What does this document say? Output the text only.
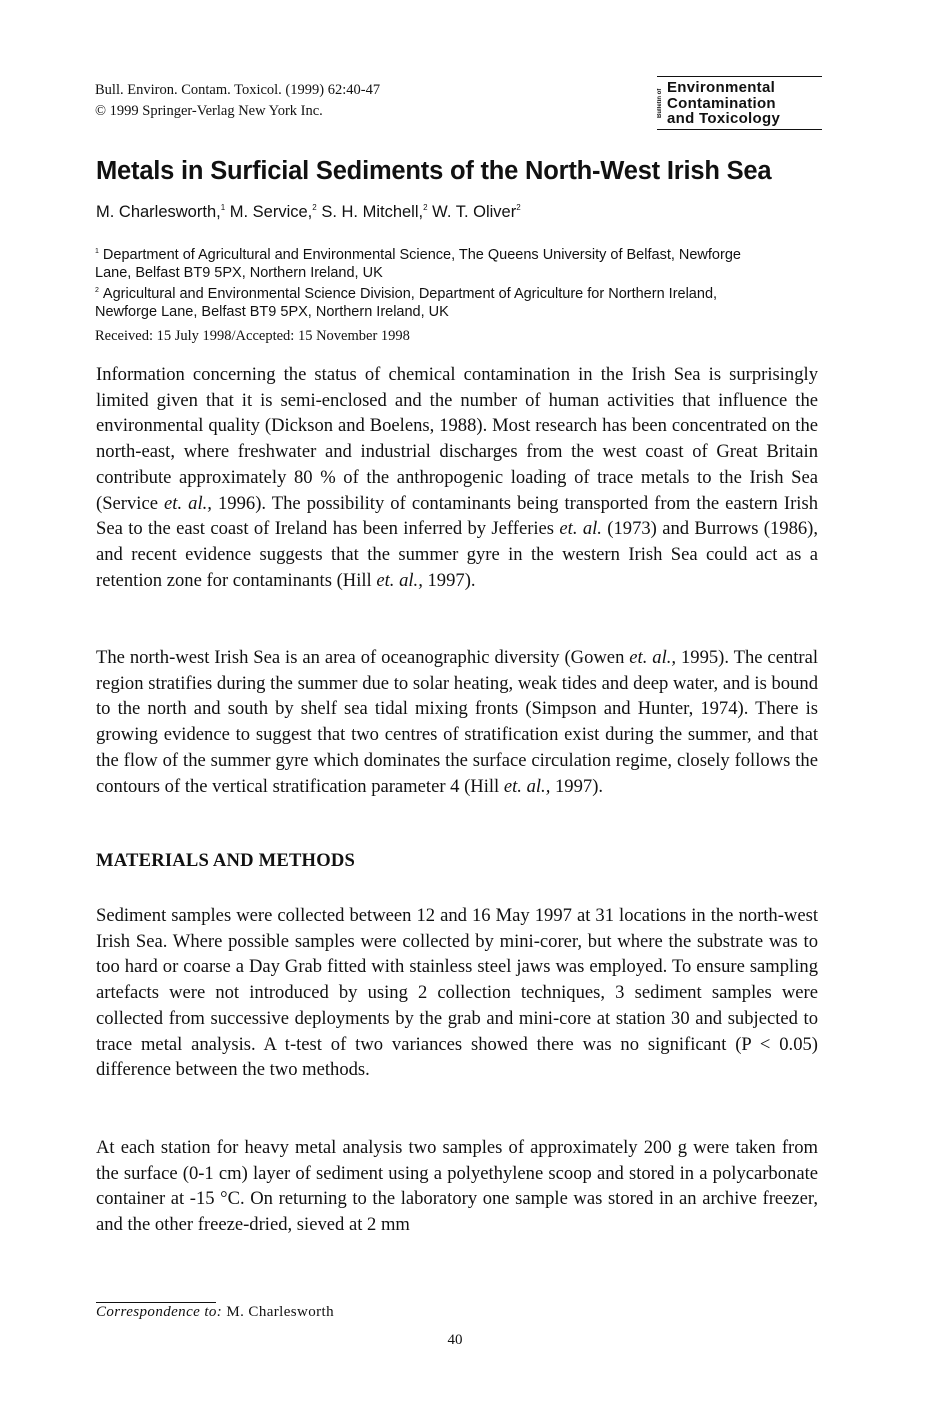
Bull. Environ. Contam. Toxicol. (1999) 62:40-47
© 1999 Springer-Verlag New York Inc.	Bulletin of
Environmental
Contamination
and Toxicology
Metals in Surficial Sediments of the North-West Irish Sea
M. Charlesworth,$^1$ M. Service,$^2$ S. H. Mitchell,$^2$ W. T. Oliver$^2$
$^1$ Department of Agricultural and Environmental Science, The Queens University of Belfast, Newforge Lane, Belfast BT9 5PX, Northern Ireland, UK
$^2$ Agricultural and Environmental Science Division, Department of Agriculture for Northern Ireland, Newforge Lane, Belfast BT9 5PX, Northern Ireland, UK
Received: 15 July 1998/Accepted: 15 November 1998

Information concerning the status of chemical contamination in the Irish Sea is surprisingly limited given that it is semi-enclosed and the number of human activities that influence the environmental quality (Dickson and Boelens, 1988). Most research has been concentrated on the north-east, where freshwater and industrial discharges from the west coast of Great Britain contribute approximately 80 % of the anthropogenic loading of trace metals to the Irish Sea (Service et. al., 1996). The possibility of contaminants being transported from the eastern Irish Sea to the east coast of Ireland has been inferred by Jefferies et. al. (1973) and Burrows (1986), and recent evidence suggests that the summer gyre in the western Irish Sea could act as a retention zone for contaminants (Hill et. al., 1997).

The north-west Irish Sea is an area of oceanographic diversity (Gowen et. al., 1995). The central region stratifies during the summer due to solar heating, weak tides and deep water, and is bound to the north and south by shelf sea tidal mixing fronts (Simpson and Hunter, 1974). There is growing evidence to suggest that two centres of stratification exist during the summer, and that the flow of the summer gyre which dominates the surface circulation regime, closely follows the contours of the vertical stratification parameter 4 (Hill et. al., 1997).

MATERIALS AND METHODS

Sediment samples were collected between 12 and 16 May 1997 at 31 locations in the north-west Irish Sea. Where possible samples were collected by mini-corer, but where the substrate was to too hard or coarse a Day Grab fitted with stainless steel jaws was employed. To ensure sampling artefacts were not introduced by using 2 collection techniques, 3 sediment samples were collected from successive deployments by the grab and mini-core at station 30 and subjected to trace metal analysis. A t-test of two variances showed there was no significant (P < 0.05) difference between the two methods.

At each station for heavy metal analysis two samples of approximately 200 g were taken from the surface (0-1 cm) layer of sediment using a polyethylene scoop and stored in a polycarbonate container at -15 °C. On returning to the laboratory one sample was stored in an archive freezer, and the other freeze-dried, sieved at 2 mm

Correspondence to: M. Charlesworth
40
